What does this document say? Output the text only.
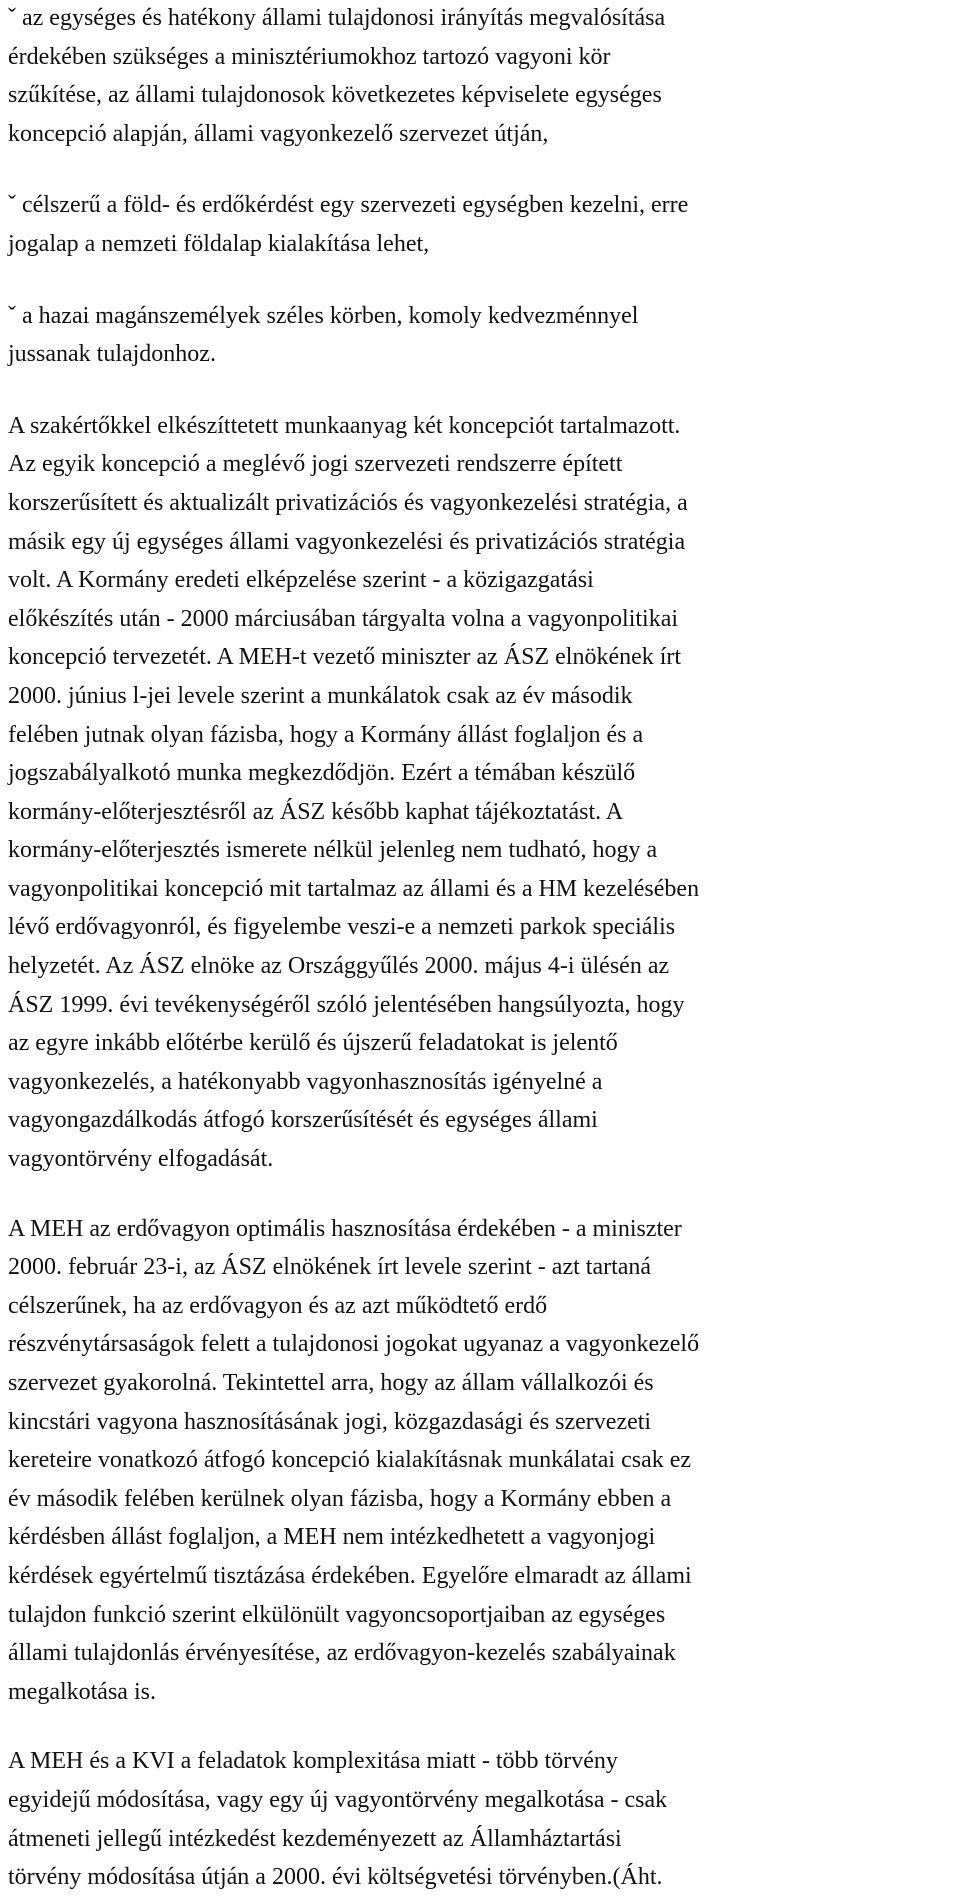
ˇ az egységes és hatékony állami tulajdonosi irányítás megvalósítása
érdekében szükséges a minisztériumokhoz tartozó vagyoni kör
szűkítése, az állami tulajdonosok következetes képviselete egységes
koncepció alapján, állami vagyonkezelő szervezet útján,
ˇ célszerű a föld- és erdőkérdést egy szervezeti egységben kezelni, erre
jogalap a nemzeti földalap kialakítása lehet,
ˇ a hazai magánszemélyek széles körben, komoly kedvezménnyel
jussanak tulajdonhoz.
A szakértőkkel elkészíttetett munkaanyag két koncepciót tartalmazott.
Az egyik koncepció a meglévő jogi szervezeti rendszerre épített
korszerűsített és aktualizált privatizációs és vagyonkezelési stratégia, a
másik egy új egységes állami vagyonkezelési és privatizációs stratégia
volt. A Kormány eredeti elképzelése szerint - a közigazgatási
előkészítés után - 2000 márciusában tárgyalta volna a vagyonpolitikai
koncepció tervezetét. A MEH-t vezető miniszter az ÁSZ elnökének írt
2000. június l-jei levele szerint a munkálatok csak az év második
felében jutnak olyan fázisba, hogy a Kormány állást foglaljon és a
jogszabályalkotó munka megkezdődjön. Ezért a témában készülő
kormány-előterjesztésről az ÁSZ később kaphat tájékoztatást. A
kormány-előterjesztés ismerete nélkül jelenleg nem tudható, hogy a
vagyonpolitikai koncepció mit tartalmaz az állami és a HM kezelésében
lévő erdővagyonról, és figyelembe veszi-e a nemzeti parkok speciális
helyzetét. Az ÁSZ elnöke az Országgyűlés 2000. május 4-i ülésén az
ÁSZ 1999. évi tevékenységéről szóló jelentésében hangsúlyozta, hogy
az egyre inkább előtérbe kerülő és újszerű feladatokat is jelentő
vagyonkezelés, a hatékonyabb vagyonhasznosítás igényelné a
vagyongazdálkodás átfogó korszerűsítését és egységes állami
vagyontörvény elfogadását.
A MEH az erdővagyon optimális hasznosítása érdekében - a miniszter
2000. február 23-i, az ÁSZ elnökének írt levele szerint - azt tartaná
célszerűnek, ha az erdővagyon és az azt működtető erdő
részvénytársaságok felett a tulajdonosi jogokat ugyanaz a vagyonkezelő
szervezet gyakorolná. Tekintettel arra, hogy az állam vállalkozói és
kincstári vagyona hasznosításának jogi, közgazdasági és szervezeti
kereteire vonatkozó átfogó koncepció kialakításnak munkálatai csak ez
év második felében kerülnek olyan fázisba, hogy a Kormány ebben a
kérdésben állást foglaljon, a MEH nem intézkedhetett a vagyonjogi
kérdések egyértelmű tisztázása érdekében. Egyelőre elmaradt az állami
tulajdon funkció szerint elkülönült vagyoncsoportjaiban az egységes
állami tulajdonlás érvényesítése, az erdővagyon-kezelés szabályainak
megalkotása is.
A MEH és a KVI a feladatok komplexitása miatt - több törvény
egyidejű módosítása, vagy egy új vagyontörvény megalkotása - csak
átmeneti jellegű intézkedést kezdeményezett az Államháztartási
törvény módosítása útján a 2000. évi költségvetési törvényben.(Áht.
